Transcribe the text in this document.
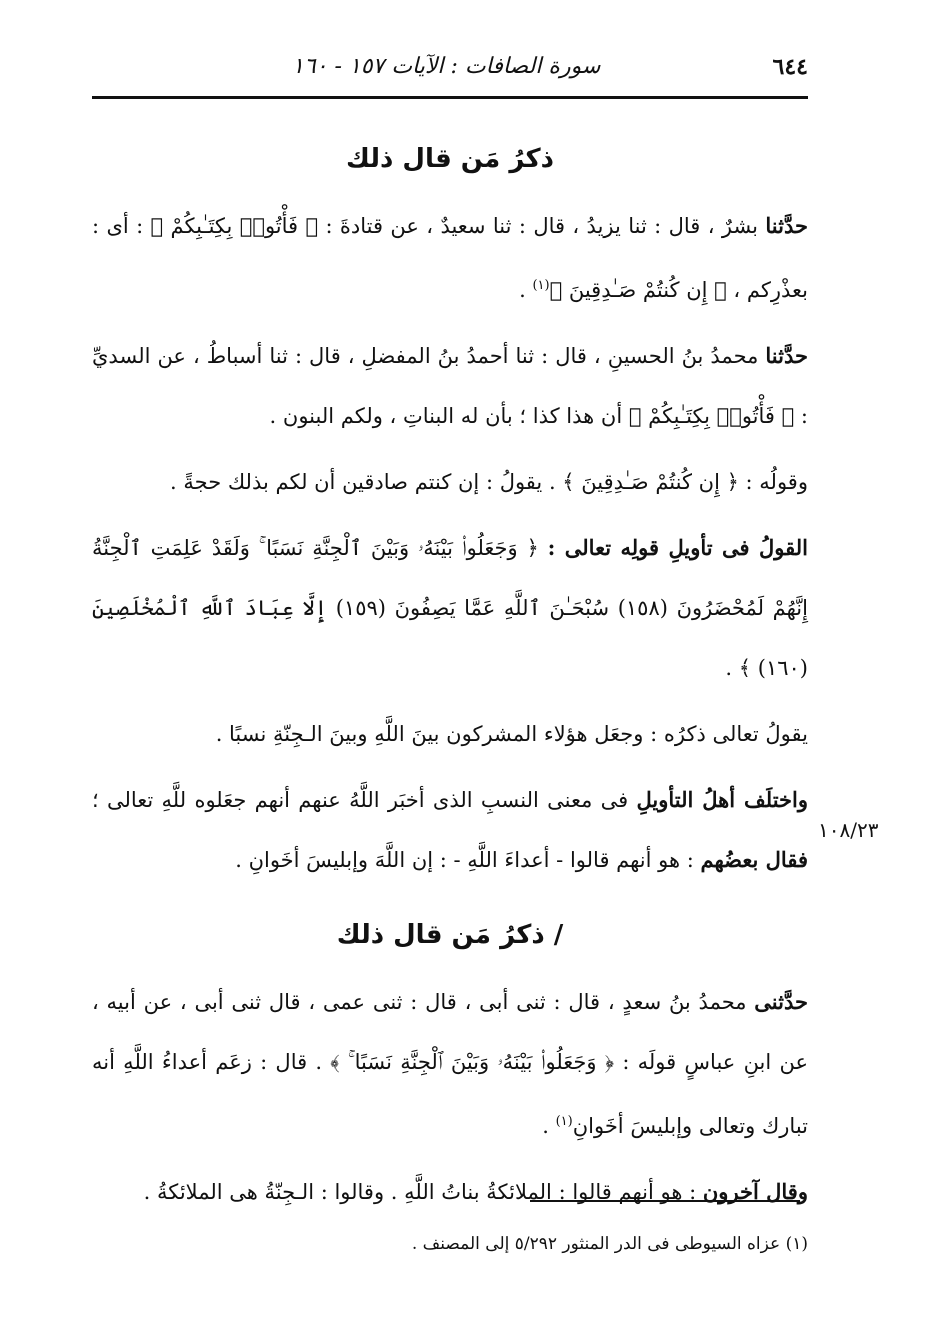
٦٤٤
سورة الصافات : الآيات ١٥٧ - ١٦٠
١٠٨/٢٣
ذكرُ مَن قال ذلك

حدَّثنا بشرٌ ، قال : ثنا يزيدُ ، قال : ثنا سعيدٌ ، عن قتادةَ : ﴿ فَأْتُوا۟ بِكِتَـٰبِكُمْ ﴾ : أى : بعذْرِكم ، ﴿ إِن كُنتُمْ صَـٰدِقِينَ ﴾$^{(١)}$ .

حدَّثنا محمدُ بنُ الحسينِ ، قال : ثنا أحمدُ بنُ المفضلِ ، قال : ثنا أسباطُ ، عن السديِّ : ﴿ فَأْتُوا۟ بِكِتَـٰبِكُمْ ﴾ أن هذا كذا ؛ بأن له البناتِ ، ولكم البنون .

وقولُه : ﴿ إِن كُنتُمْ صَـٰدِقِينَ ﴾ . يقولُ : إن كنتم صادقين أن لكم بذلك حجةً .

القولُ فى تأويلِ قولِه تعالى : ﴿ وَجَعَلُوا۟ بَيْنَهُۥ وَبَيْنَ ٱلْجِنَّةِ نَسَبًا ۚ وَلَقَدْ عَلِمَتِ ٱلْجِنَّةُ إِنَّهُمْ لَمُحْضَرُونَ (١٥٨) سُبْحَـٰنَ ٱللَّهِ عَمَّا يَصِفُونَ (١٥٩) إِلَّا عِبَادَ ٱللَّهِ ٱلْمُخْلَصِينَ (١٦٠) ﴾ .

يقولُ تعالى ذكرُه : وجعَل هؤلاء المشركون بينَ اللَّهِ وبينَ الـجِنّةِ نسبًا .

واختلَف أهلُ التأويلِ فى معنى النسبِ الذى أخبَر اللَّهُ عنهم أنهم جعَلوه للَّهِ تعالى ؛ فقال بعضُهم : هو أنهم قالوا - أعداءَ اللَّهِ - : إن اللَّهَ وإبليسَ أخَوانِ .

/ ذكرُ مَن قال ذلك

حدَّثنى محمدُ بنُ سعدٍ ، قال : ثنى أبى ، قال : ثنى عمى ، قال ثنى أبى ، عن أبيه ، عن ابنِ عباسٍ قولَه : ﴿ وَجَعَلُوا۟ بَيْنَهُۥ وَبَيْنَ ٱلْجِنَّةِ نَسَبًا ۚ ﴾ . قال : زعَم أعداءُ اللَّهِ أنه تبارك وتعالى وإبليسَ أخَوانِ$^{(١)}$ .

وقال آخرون : هو أنهم قالوا : الملائكةُ بناتُ اللَّهِ . وقالوا : الـجِنّةُ هى الملائكةُ .

(١) عزاه السيوطى فى الدر المنثور ٥/٢٩٢ إلى المصنف .
